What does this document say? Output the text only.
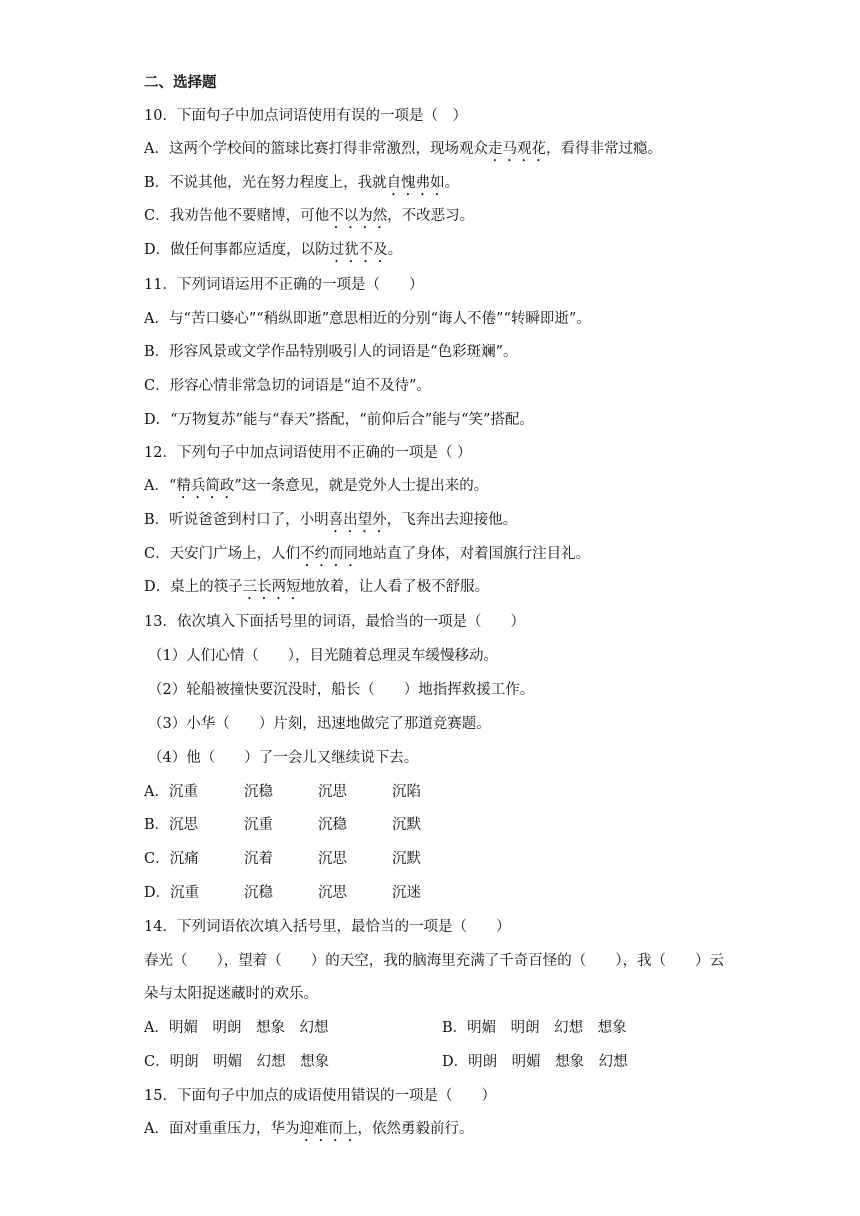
二、选择题
10．下面句子中加点词语使用有误的一项是（　）
A．这两个学校间的篮球比赛打得非常激烈，现场观众走马观花，看得非常过瘾。
B．不说其他，光在努力程度上，我就自愧弗如。
C．我劝告他不要赌博，可他不以为然，不改恶习。
D．做任何事都应适度，以防过犹不及。
11．下列词语运用不正确的一项是（　　）
A．与“苦口婆心”“稍纵即逝”意思相近的分别“诲人不倦”“转瞬即逝”。
B．形容风景或文学作品特别吸引人的词语是“色彩斑斓”。
C．形容心情非常急切的词语是“迫不及待”。
D．“万物复苏”能与“春天”搭配，“前仰后合”能与“笑”搭配。
12．下列句子中加点词语使用不正确的一项是（ ）
A．“精兵简政”这一条意见，就是党外人士提出来的。
B．听说爸爸到村口了，小明喜出望外，飞奔出去迎接他。
C．天安门广场上，人们不约而同地站直了身体，对着国旗行注目礼。
D．桌上的筷子三长两短地放着，让人看了极不舒服。
13．依次填入下面括号里的词语，最恰当的一项是（　　）
（1）人们心情（　　），目光随着总理灵车缓慢移动。
（2）轮船被撞快要沉没时，船长（　　）地指挥救援工作。
（3）小华（　　）片刻，迅速地做完了那道竞赛题。
（4）他（　　）了一会儿又继续说下去。
A．沉重	沉稳	沉思	沉陷
B．沉思	沉重	沉稳	沉默
C．沉痛	沉着	沉思	沉默
D．沉重	沉稳	沉思	沉迷
14．下列词语依次填入括号里，最恰当的一项是（　　）
春光（　　），望着（　　）的天空，我的脑海里充满了千奇百怪的（　　），我（　　）云
朵与太阳捉迷藏时的欢乐。
A．明媚　明朗　想象　幻想	B．明媚　明朗　幻想　想象
C．明朗　明媚　幻想　想象	D．明朗　明媚　想象　幻想
15．下面句子中加点的成语使用错误的一项是（　　）
A．面对重重压力，华为迎难而上，依然勇毅前行。
